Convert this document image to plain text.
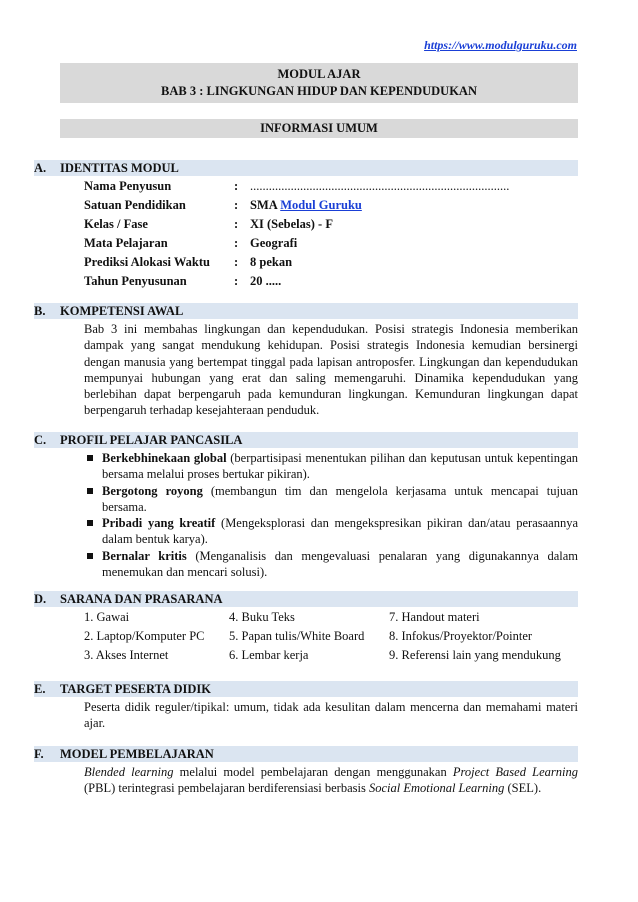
https://www.modulguruku.com
MODUL AJAR
BAB 3 : LINGKUNGAN HIDUP DAN KEPENDUDUKAN
INFORMASI UMUM
A.	IDENTITAS MODUL
Nama Penyusun	: ...................................................................................
Satuan Pendidikan	: SMA Modul Guruku
Kelas / Fase	: XI (Sebelas) - F
Mata Pelajaran	: Geografi
Prediksi Alokasi Waktu	: 8 pekan
Tahun Penyusunan	: 20 .....
B.	KOMPETENSI AWAL

Bab 3 ini membahas lingkungan dan kependudukan. Posisi strategis Indonesia memberikan dampak yang sangat mendukung kehidupan. Posisi strategis Indonesia kemudian bersinergi dengan manusia yang bertempat tinggal pada lapisan antroposfer. Lingkungan dan kependudukan mempunyai hubungan yang erat dan saling memengaruhi. Dinamika kependudukan yang berlebihan dapat berpengaruh pada kemunduran lingkungan. Kemunduran lingkungan dapat berpengaruh terhadap kesejahteraan penduduk.

C.	PROFIL PELAJAR PANCASILA
Berkebhinekaan global (berpartisipasi menentukan pilihan dan keputusan untuk kepentingan bersama melalui proses bertukar pikiran).
Bergotong royong (membangun tim dan mengelola kerjasama untuk mencapai tujuan bersama.
Pribadi yang kreatif (Mengeksplorasi dan mengekspresikan pikiran dan/atau perasaannya dalam bentuk karya).
Bernalar kritis (Menganalisis dan mengevaluasi penalaran yang digunakannya dalam menemukan dan mencari solusi).
D.	SARANA DAN PRASARANA
1. Gawai	4. Buku Teks	7. Handout materi
2. Laptop/Komputer PC	5. Papan tulis/White Board	8. Infokus/Proyektor/Pointer
3. Akses Internet	6. Lembar kerja	9. Referensi lain yang mendukung
E.	TARGET PESERTA DIDIK

Peserta didik reguler/tipikal: umum, tidak ada kesulitan dalam mencerna dan memahami materi ajar.

F.	MODEL PEMBELAJARAN

Blended learning melalui model pembelajaran dengan menggunakan Project Based Learning (PBL) terintegrasi pembelajaran berdiferensiasi berbasis Social Emotional Learning (SEL).
